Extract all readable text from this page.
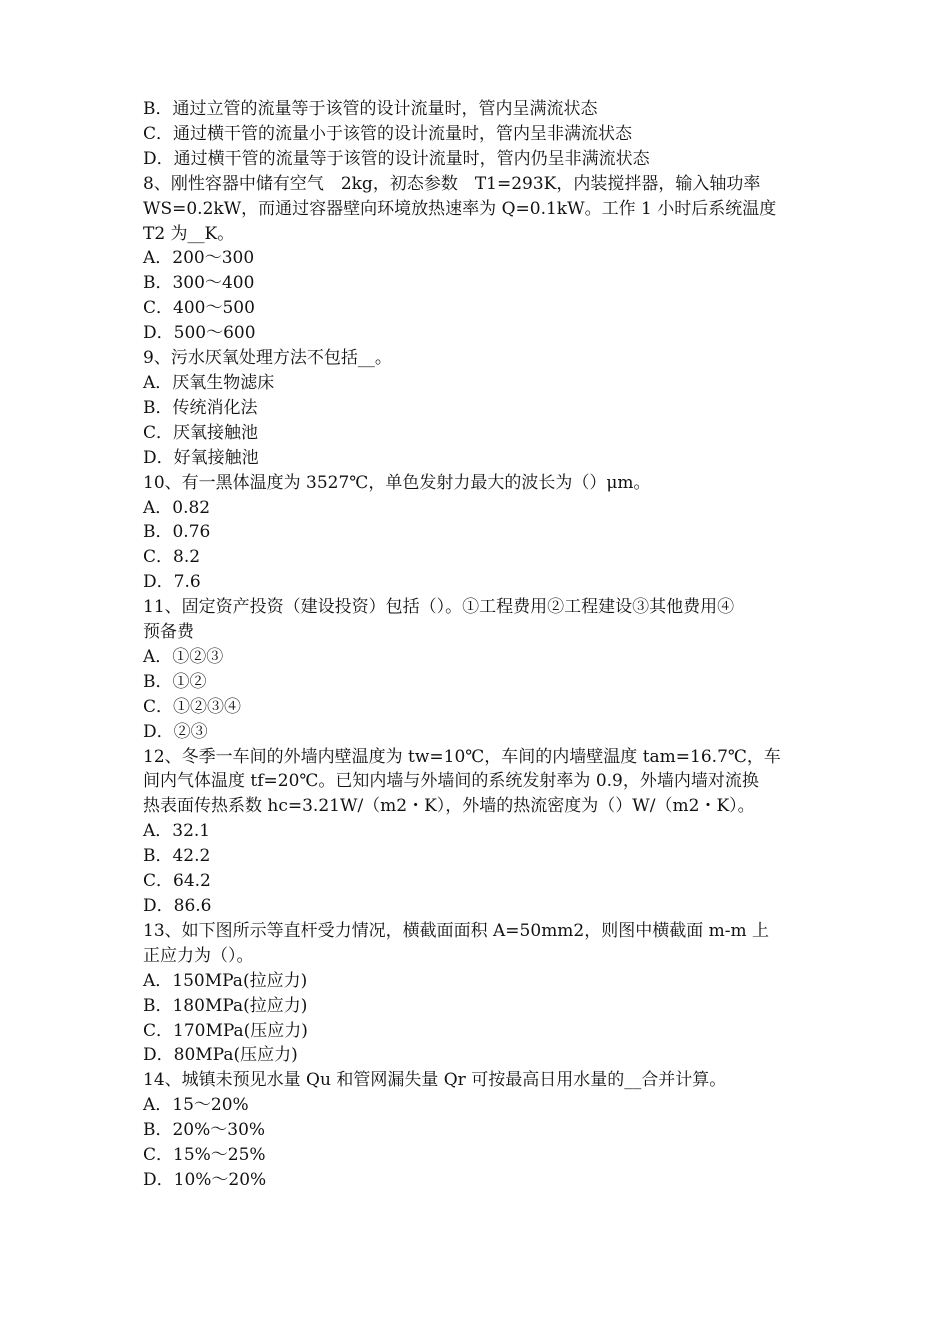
B．通过立管的流量等于该管的设计流量时，管内呈满流状态
C．通过横干管的流量小于该管的设计流量时，管内呈非满流状态
D．通过横干管的流量等于该管的设计流量时，管内仍呈非满流状态
8、刚性容器中储有空气　2kg，初态参数　T1=293K，内装搅拌器，输入轴功率
WS=0.2kW，而通过容器壁向环境放热速率为 Q=0.1kW。工作 1 小时后系统温度
T2 为__K。
A．200～300
B．300～400
C．400～500
D．500～600
9、污水厌氧处理方法不包括__。
A．厌氧生物滤床
B．传统消化法
C．厌氧接触池
D．好氧接触池
10、有一黑体温度为 3527℃，单色发射力最大的波长为（）μm。
A．0.82
B．0.76
C．8.2
D．7.6
11、固定资产投资（建设投资）包括（）。①工程费用②工程建设③其他费用④
预备费
A．①②③
B．①②
C．①②③④
D．②③
12、冬季一车间的外墙内壁温度为 tw=10℃，车间的内墙壁温度 tam=16.7℃，车
间内气体温度 tf=20℃。已知内墙与外墙间的系统发射率为 0.9，外墙内墙对流换
热表面传热系数 hc=3.21W/（m2・K），外墙的热流密度为（）W/（m2・K）。
A．32.1
B．42.2
C．64.2
D．86.6
13、如下图所示等直杆受力情况，横截面面积 A=50mm2，则图中横截面 m-m 上
正应力为（）。
A．150MPa(拉应力)
B．180MPa(拉应力)
C．170MPa(压应力)
D．80MPa(压应力)
14、城镇未预见水量 Qu 和管网漏失量 Qr 可按最高日用水量的__合并计算。
A．15～20%
B．20%～30%
C．15%～25%
D．10%～20%
